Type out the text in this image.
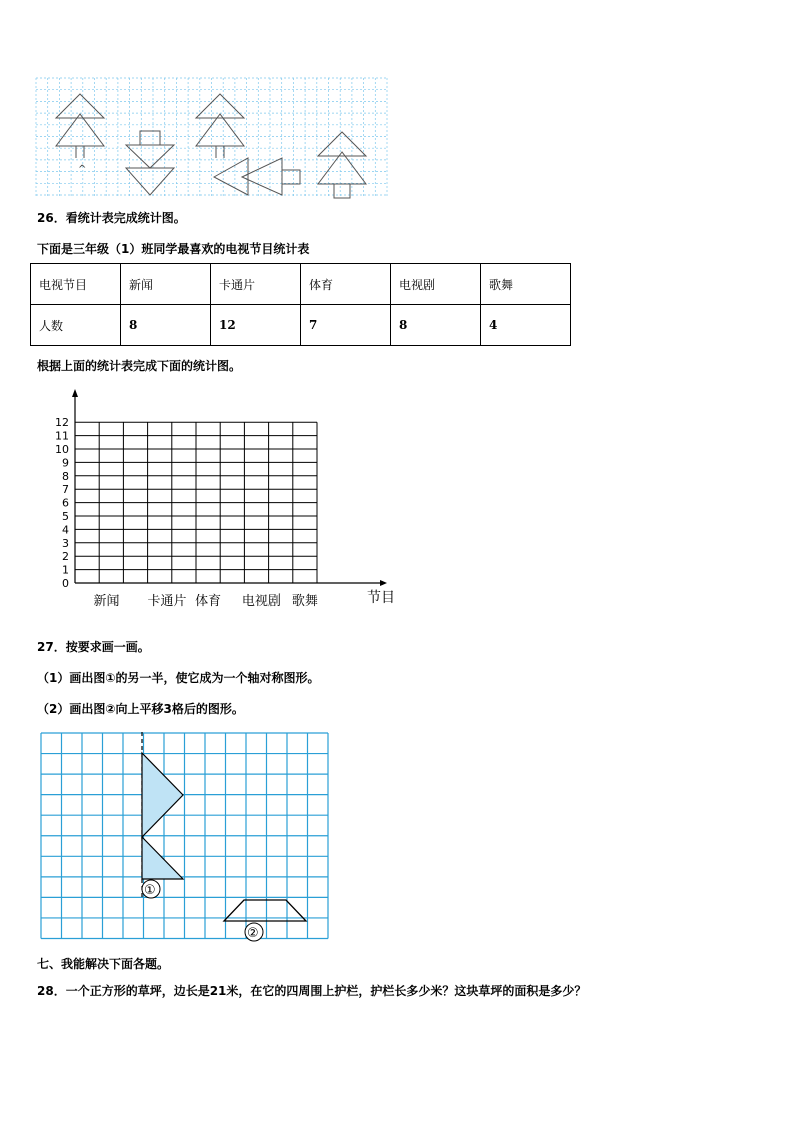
^
26．看统计表完成统计图。
下面是三年级（1）班同学最喜欢的电视节目统计表
电视节目	新闻	卡通片	体育	电视剧	歌舞
人数	8	12	7	8	4
根据上面的统计表完成下面的统计图。
0
1
2
3
4
5
6
7
8
9
10
11
12
新闻 卡通片 体育 电视剧 歌舞	节目
27．按要求画一画。
（1）画出图①的另一半，使它成为一个轴对称图形。
（2）画出图②向上平移3格后的图形。
①
②
七、我能解决下面各题。
28．一个正方形的草坪，边长是21米，在它的四周围上护栏，护栏长多少米？这块草坪的面积是多少？
